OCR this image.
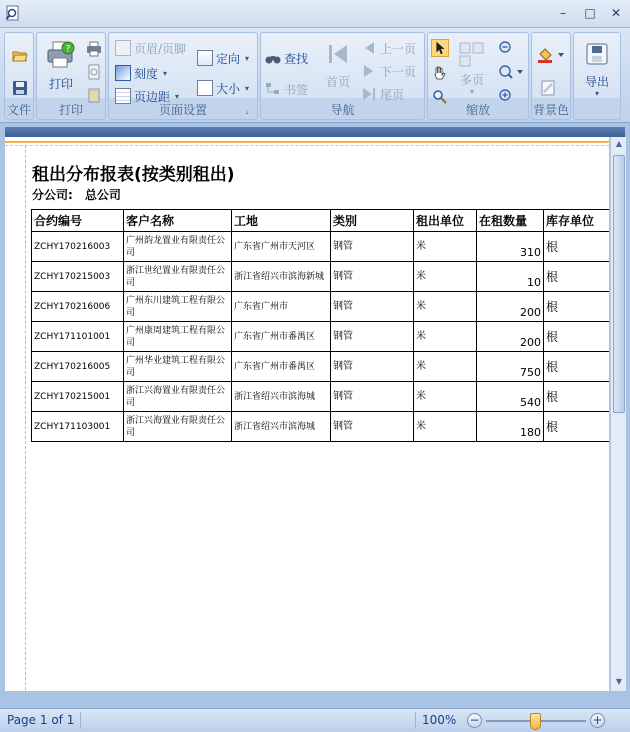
–	□ ✕
文件
?
打印
打印
页眉/页脚
定向
▾
刻度
▾
大小
▾
页边距
▾
页面设置	⌟
查找
书签
首页
上一页
下一页
尾页
导航
多页
▾
缩放	背景色
导出
▾
租出分布报表(按类别租出)
分公司: 总公司
合约编号	客户名称	工地	类别	租出单位	在租数量	库存单位
ZCHY170216003	广州韵龙置业有限责任公司	广东省广州市天河区	钢管	米	310	根
ZCHY170215003	浙江世纪置业有限责任公司	浙江省绍兴市滨海新城	钢管	米	10	根
ZCHY170216006	广州东川建筑工程有限公司	广东省广州市	钢管	米	200	根
ZCHY171101001	广州康周建筑工程有限公司	广东省广州市番禺区	钢管	米	200	根
ZCHY170216005	广州华业建筑工程有限公司	广东省广州市番禺区	钢管	米	750	根
ZCHY170215001	浙江兴海置业有限责任公司	浙江省绍兴市滨海城	钢管	米	540	根
ZCHY171103001	浙江兴海置业有限责任公司	浙江省绍兴市滨海城	钢管	米	180	根
▲
▼
Page 1 of 1	100% −	+
